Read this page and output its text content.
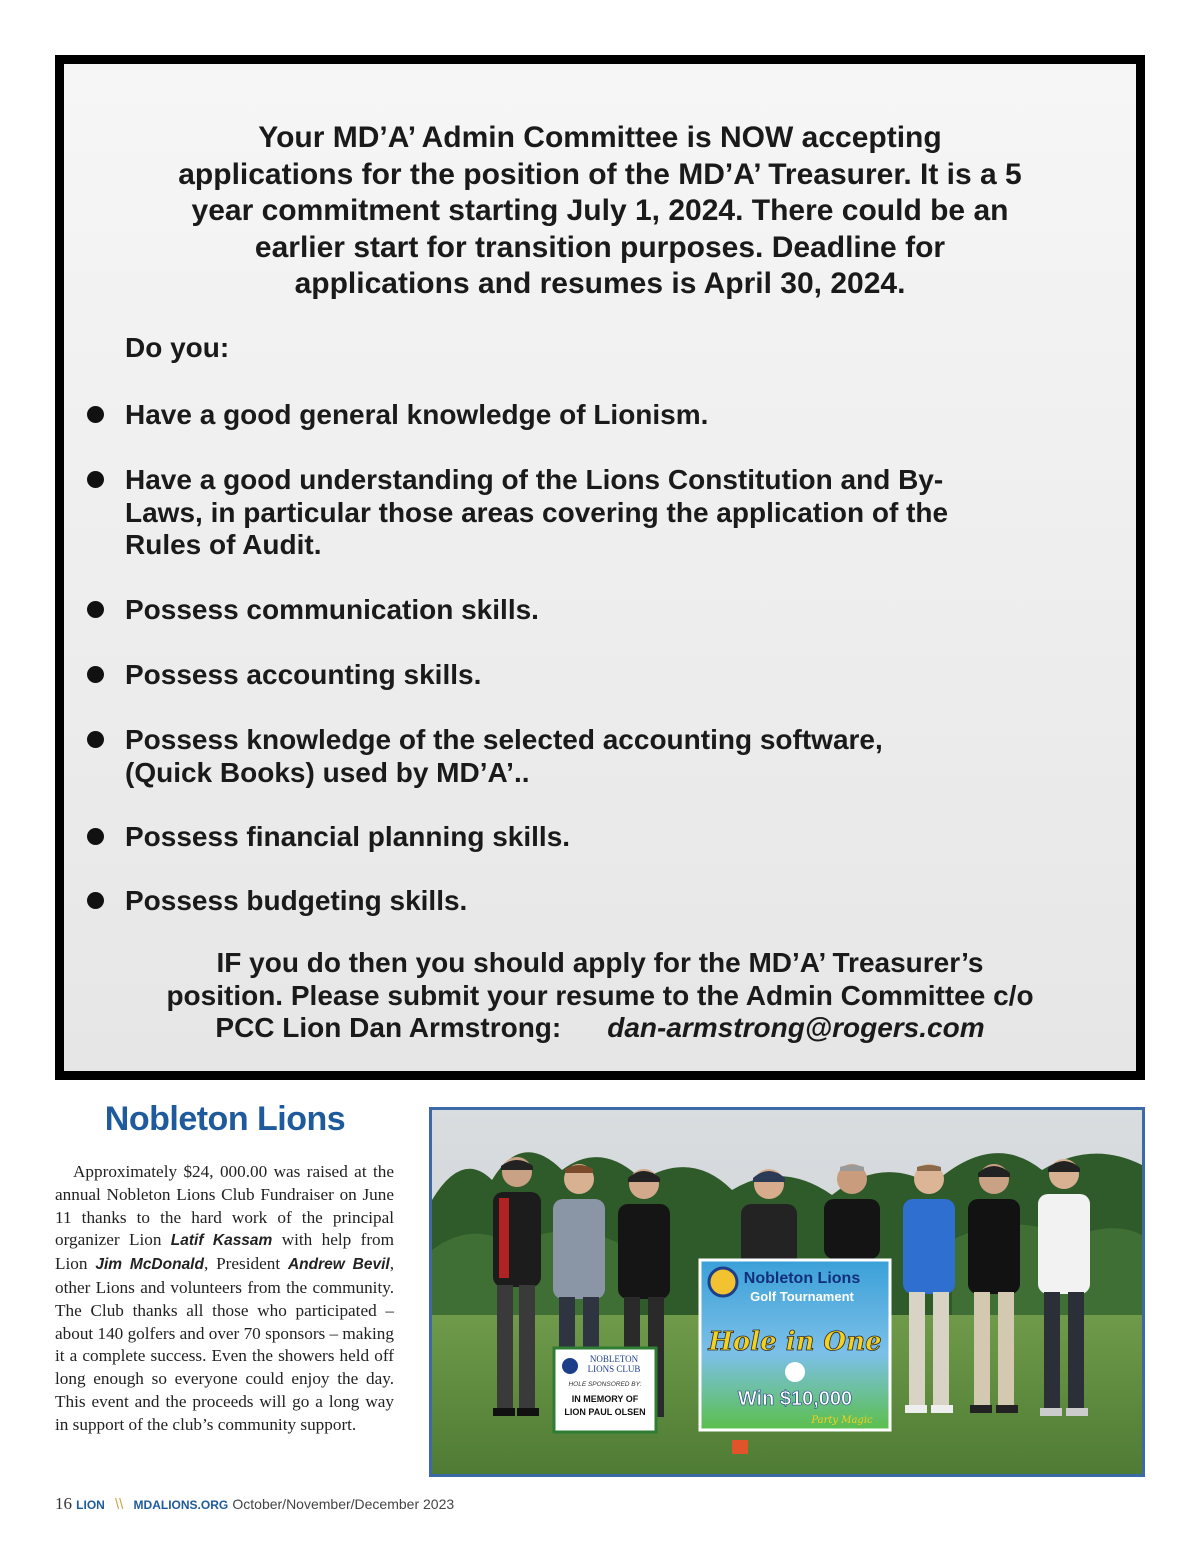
Your MD’A’ Admin Committee is NOW accepting
applications for the position of the MD’A’ Treasurer. It is a 5
year commitment starting July 1, 2024. There could be an
earlier start for transition purposes. Deadline for
applications and resumes is April 30, 2024.

Do you:
Have a good general knowledge of Lionism.
Have a good understanding of the Lions Constitution and By-
Laws, in particular those areas covering the application of the
Rules of Audit.
Possess communication skills.
Possess accounting skills.
Possess knowledge of the selected accounting software,
(Quick Books) used by MD’A’..
Possess financial planning skills.
Possess budgeting skills.

IF you do then you should apply for the MD’A’ Treasurer’s
position. Please submit your resume to the Admin Committee c/o
PCC Lion Dan Armstrong: dan-armstrong@rogers.com

Nobleton Lions

Approximately $24, 000.00 was raised at the annual Nobleton Lions Club Fundraiser on June 11 thanks to the hard work of the principal organizer Lion Latif Kassam with help from Lion Jim McDonald, President Andrew Bevil, other Lions and volunteers from the community. The Club thanks all those who participated – about 140 golfers and over 70 sponsors – making it a complete success. Even the showers held off long enough so everyone could enjoy the day. This event and the proceeds will go a long way in support of the club’s community support.

Nobleton Lions
Golf Tournament
Hole in One
Win $10,000
Party Magic
NOBLETON
LIONS CLUB
HOLE SPONSORED BY:
IN MEMORY OF
LION PAUL OLSEN
16 LION \\ MDALIONS.ORG October/November/December 2023
